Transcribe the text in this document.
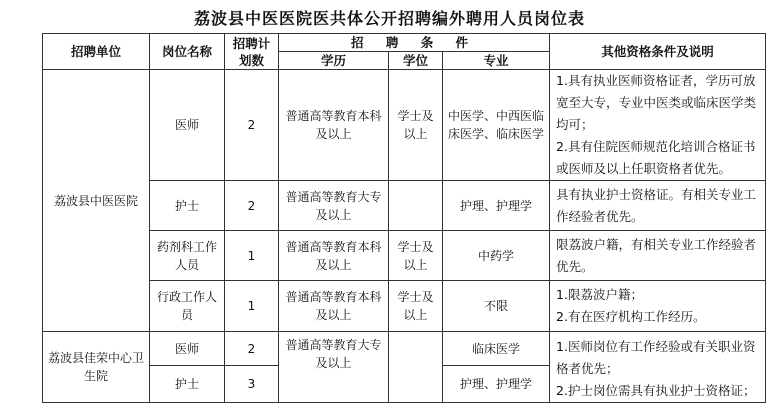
荔波县中医医院医共体公开招聘编外聘用人员岗位表
招聘单位	岗位名称	招聘计划数	招 聘 条 件			其他资格条件及说明
			学历	学位	专业	
荔波县中医医院	医师	2	普通高等教育本科及以上	学士及以上	中医学、中西医临床医学、临床医学	1.具有执业医师资格证者，学历可放宽至大专，专业中医类或临床医学类均可；
2.具有住院医师规范化培训合格证书或医师及以上任职资格者优先。

	护士	2	普通高等教育大专及以上		护理、护理学	具有执业护士资格证。有相关专业工作经验者优先。
	药剂科工作人员	1	普通高等教育本科及以上	学士及以上	中药学	限荔波户籍，有相关专业工作经验者优先。
	行政工作人员	1	普通高等教育本科及以上	学士及以上	不限	1.限荔波户籍；
2.有在医疗机构工作经历。

荔波县佳荣中心卫生院	医师	2	普通高等教育大专及以上		临床医学	1.医师岗位有工作经验或有关职业资格者优先；
2.护士岗位需具有执业护士资格证；

	护士	3			护理、护理学	
